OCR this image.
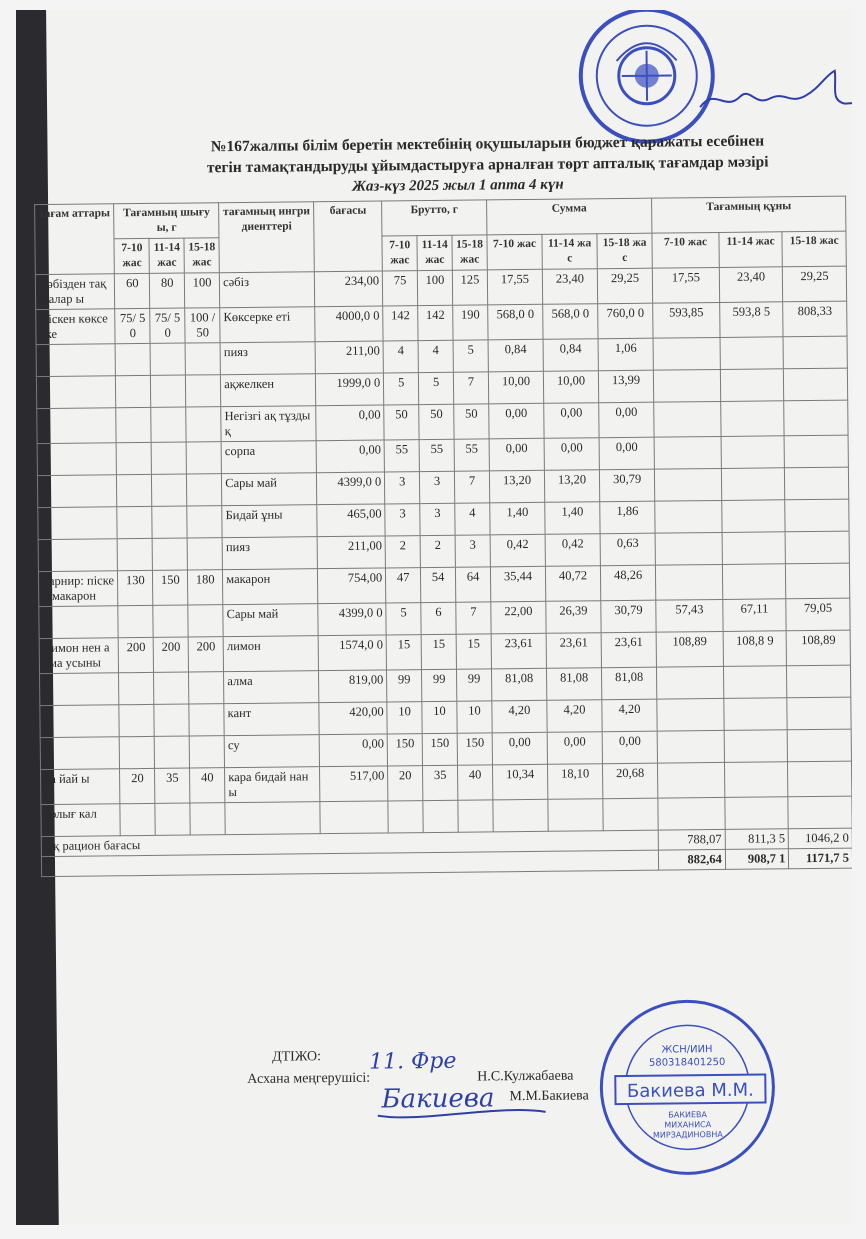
№167жалпы білім беретін мектебінің оқушыларын бюджет қаражаты есебінен
тегін тамақтандыруды ұйымдастыруға арналған төрт апталық тағамдар мәзірі
Жаз-күз 2025 жыл 1 апта 4 күн
тағам аттары	Тағамның шығуы, г			тағамның ингридиенттері	бағасы	Брутто, г			Сумма			Тағамның құны		
	7-10 жас	11-14 жас	15-18 жас			7-10 жас	11-14 жас	15-18 жас	7-10 жас	11-14 жас	15-18 жас	7-10 жас	11-14 жас	15-18 жас
Сәбізден тақшалар ы	60	80	100	сәбіз	234,00	75	100	125	17,55	23,40	29,25	17,55	23,40	29,25
Піскен көксерке	75/ 50	75/ 50	100 /50	Көксерке еті	4000,0 0	142	142	190	568,0 0	568,0 0	760,0 0	593,85	593,8 5	808,33
				пияз	211,00	4	4	5	0,84	0,84	1,06			
				ақжелкен	1999,0 0	5	5	7	10,00	10,00	13,99			
				Негізгі ақ тұздық	0,00	50	50	50	0,00	0,00	0,00			
				сорпа	0,00	55	55	55	0,00	0,00	0,00			
				Сары май	4399,0 0	3	3	7	13,20	13,20	30,79			
				Бидай ұны	465,00	3	3	4	1,40	1,40	1,86			
				пияз	211,00	2	2	3	0,42	0,42	0,63			
Гарнир: піскен макарон	130	150	180	макарон	754,00	47	54	64	35,44	40,72	48,26			
				Сары май	4399,0 0	5	6	7	22,00	26,39	30,79	57,43	67,11	79,05
Лимон нен алма усыны	200	200	200	лимон	1574,0 0	15	15	15	23,61	23,61	23,61	108,89	108,8 9	108,89
				алма	819,00	99	99	99	81,08	81,08	81,08			
				кант	420,00	10	10	10	4,20	4,20	4,20			
				су	0,00	150	150	150	0,00	0,00	0,00			
ра йай ы	20	35	40	кара бидай наны	517,00	20	35	40	10,34	18,10	20,68			
арлығ кал														
ық рацион бағасы												788,07	811,3 5	1046,2 0
												882,64	908,7 1	1171,7 5
ДТІЖО:
Асхана меңгерушісі:	Н.С.Кулжабаева
М.М.Бакиева
11. Фре
Бакиева
ЖСН/ИИН
580318401250
Бакиева М.М.
БАКИЕВА
МИХАНИСА
МИРЗАДИНОВНА
